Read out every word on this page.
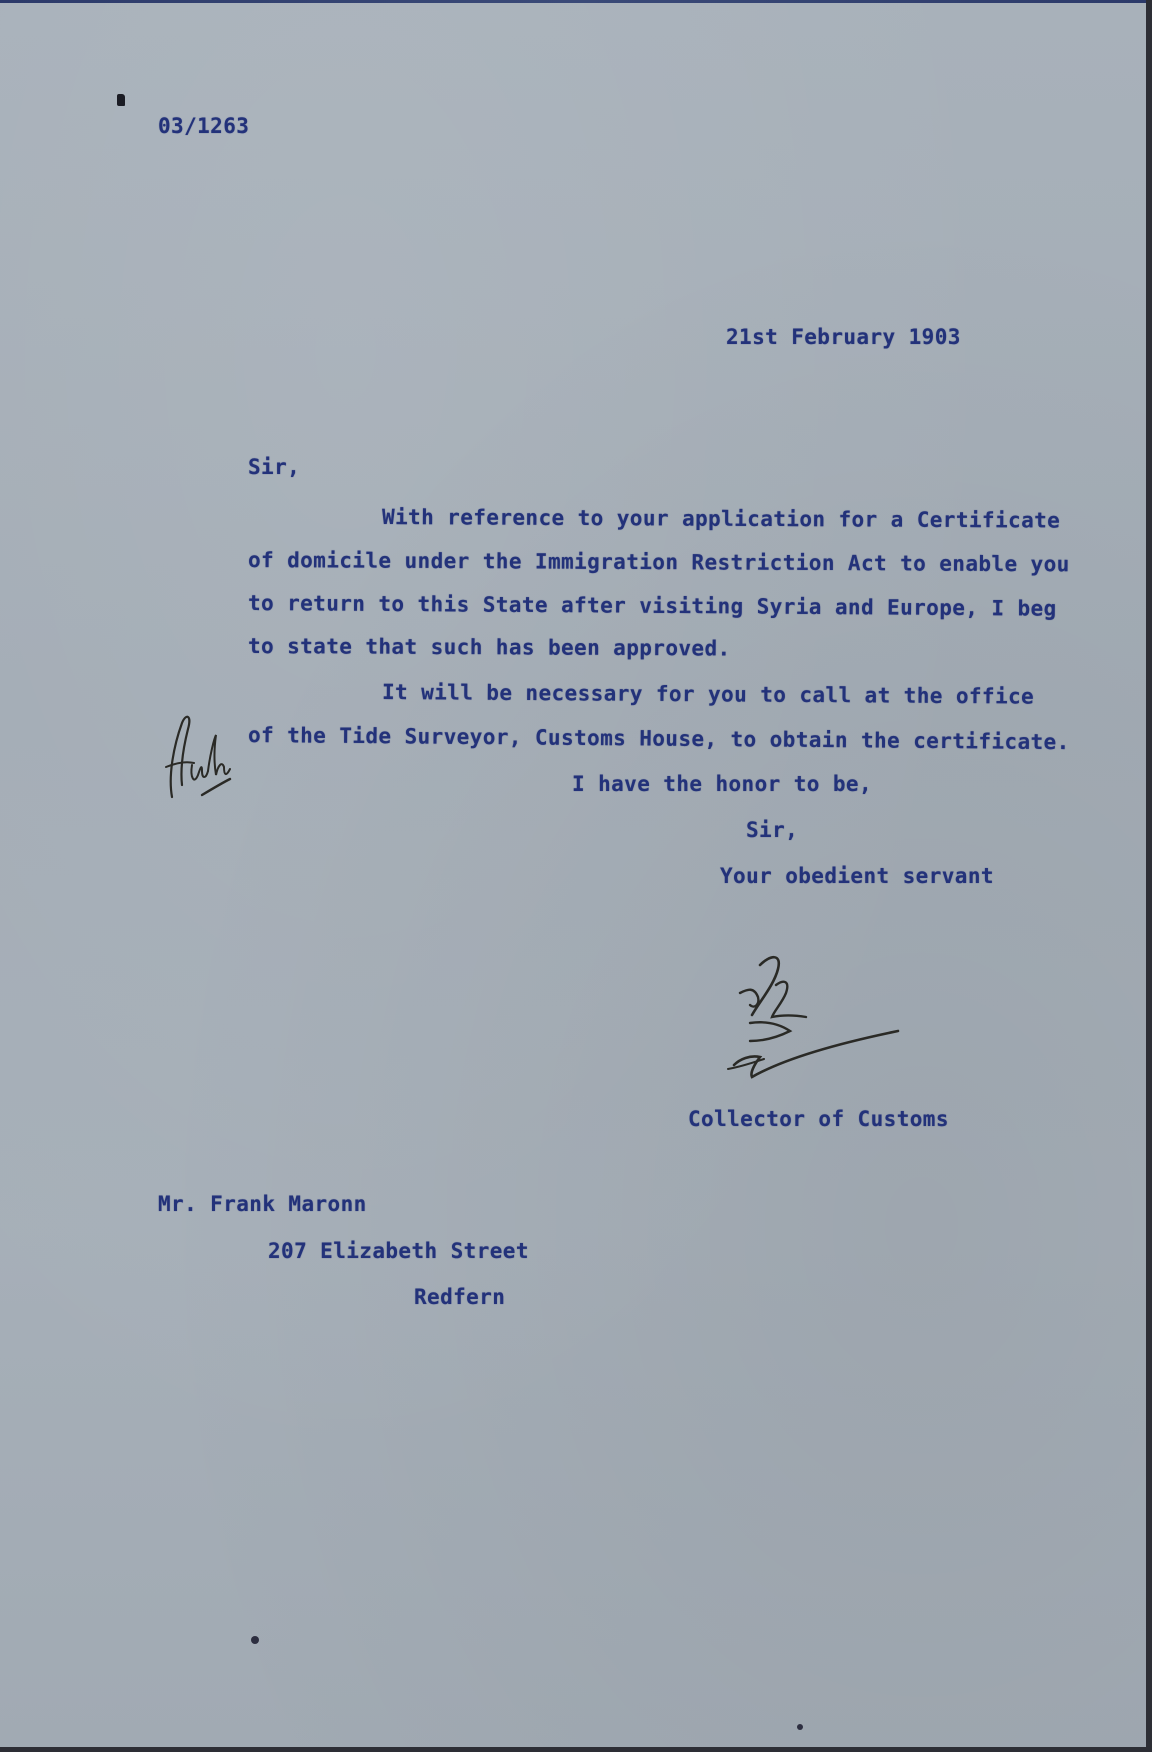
03/1263
21st February 1903
Sir,
With reference to your application for a Certificate
of domicile under the Immigration Restriction Act to enable you
to return to this State after visiting Syria and Europe, I beg
to state that such has been approved.
It will be necessary for you to call at the office
of the Tide Surveyor, Customs House, to obtain the certificate.
I have the honor to be,
Sir,
Your obedient servant
Collector of Customs
Mr. Frank Maronn
207 Elizabeth Street
Redfern
